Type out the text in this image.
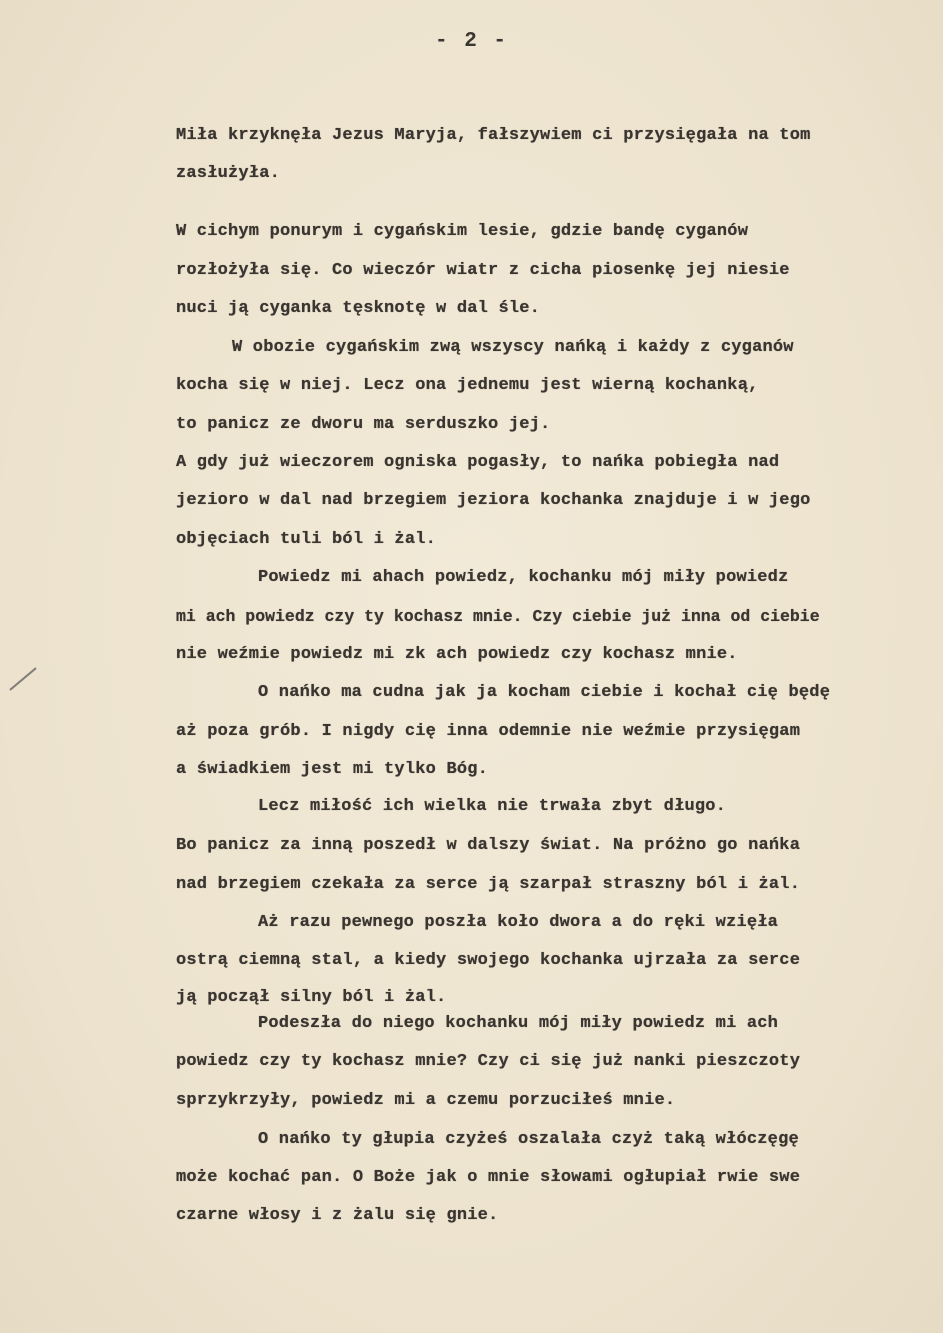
- 2 -
Miła krzyknęła Jezus Maryja, fałszywiem ci przysięgała na tom
zasłużyła.
W cichym ponurym i cygańskim lesie, gdzie bandę cyganów
rozłożyła się. Co wieczór wiatr z cicha piosenkę jej niesie
nuci ją cyganka tęsknotę w dal śle.
W obozie cygańskim zwą wszyscy nańką i każdy z cyganów
kocha się w niej. Lecz ona jednemu jest wierną kochanką,
to panicz ze dworu ma serduszko jej.
A gdy już wieczorem ogniska pogasły, to nańka pobiegła nad
jezioro w dal nad brzegiem jeziora kochanka znajduje i w jego
objęciach tuli ból i żal.
Powiedz mi ahach powiedz, kochanku mój miły powiedz
mi ach powiedz czy ty kochasz mnie. Czy ciebie już inna od ciebie
nie weźmie powiedz mi zk ach powiedz czy kochasz mnie.
O nańko ma cudna jak ja kocham ciebie i kochał cię będę
aż poza grób. I nigdy cię inna odemnie nie weźmie przysięgam
a świadkiem jest mi tylko Bóg.
Lecz miłość ich wielka nie trwała zbyt długo.
Bo panicz za inną poszedł w dalszy świat. Na próżno go nańka
nad brzegiem czekała za serce ją szarpał straszny ból i żal.
Aż razu pewnego poszła koło dwora a do ręki wzięła
ostrą ciemną stal, a kiedy swojego kochanka ujrzała za serce
ją począł silny ból i żal.
Podeszła do niego kochanku mój miły powiedz mi ach
powiedz czy ty kochasz mnie? Czy ci się już nanki pieszczoty
sprzykrzyły, powiedz mi a czemu porzuciłeś mnie.
O nańko ty głupia czyżeś oszalała czyż taką włóczęgę
może kochać pan. O Boże jak o mnie słowami ogłupiał rwie swe
czarne włosy i z żalu się gnie.
